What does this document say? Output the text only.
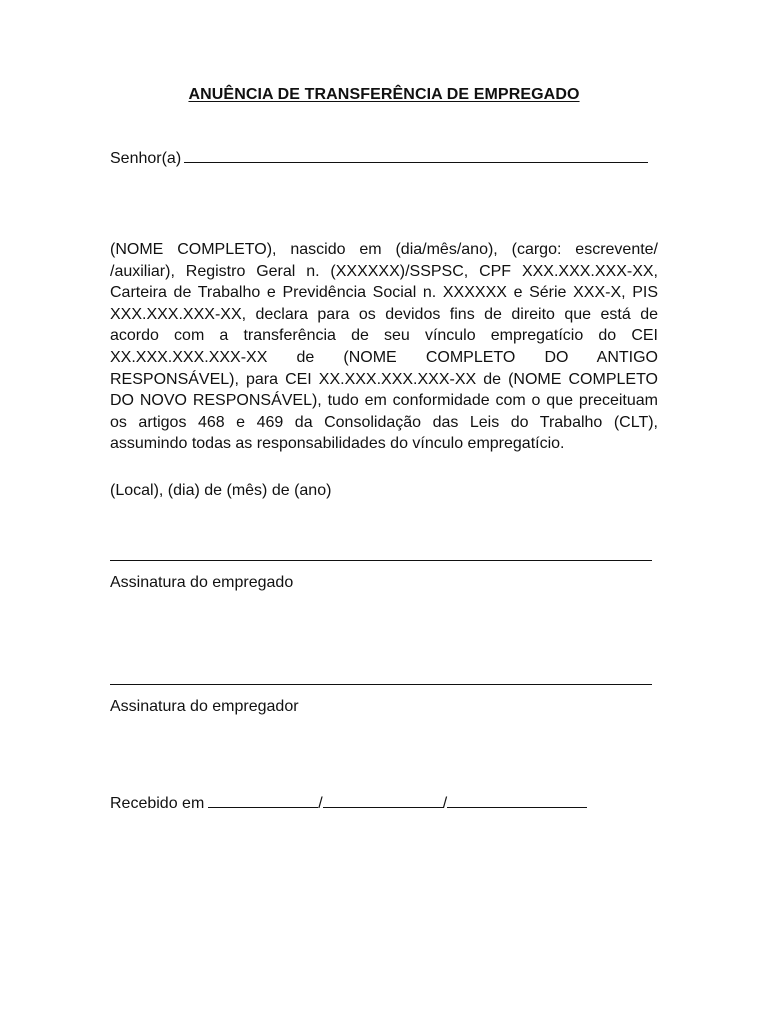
ANUÊNCIA DE TRANSFERÊNCIA DE EMPREGADO
Senhor(a)
(NOME COMPLETO), nascido em (dia/mês/ano), (cargo: escrevente/ /auxiliar), Registro Geral n. (XXXXXX)/SSPSC, CPF XXX.XXX.XXX-XX, Carteira de Trabalho e Previdência Social n. XXXXXX e Série XXX-X, PIS XXX.XXX.XXX-XX, declara para os devidos fins de direito que está de acordo com a transferência de seu vínculo empregatício do CEI XX.XXX.XXX.XXX-XX de (NOME COMPLETO DO ANTIGO RESPONSÁVEL), para CEI XX.XXX.XXX.XXX-XX de (NOME COMPLETO DO NOVO RESPONSÁVEL), tudo em conformidade com o que preceituam os artigos 468 e 469 da Consolidação das Leis do Trabalho (CLT), assumindo todas as responsabilidades do vínculo empregatício.
(Local), (dia) de (mês) de (ano)
Assinatura do empregado
Assinatura do empregador
Recebido em	/	/
